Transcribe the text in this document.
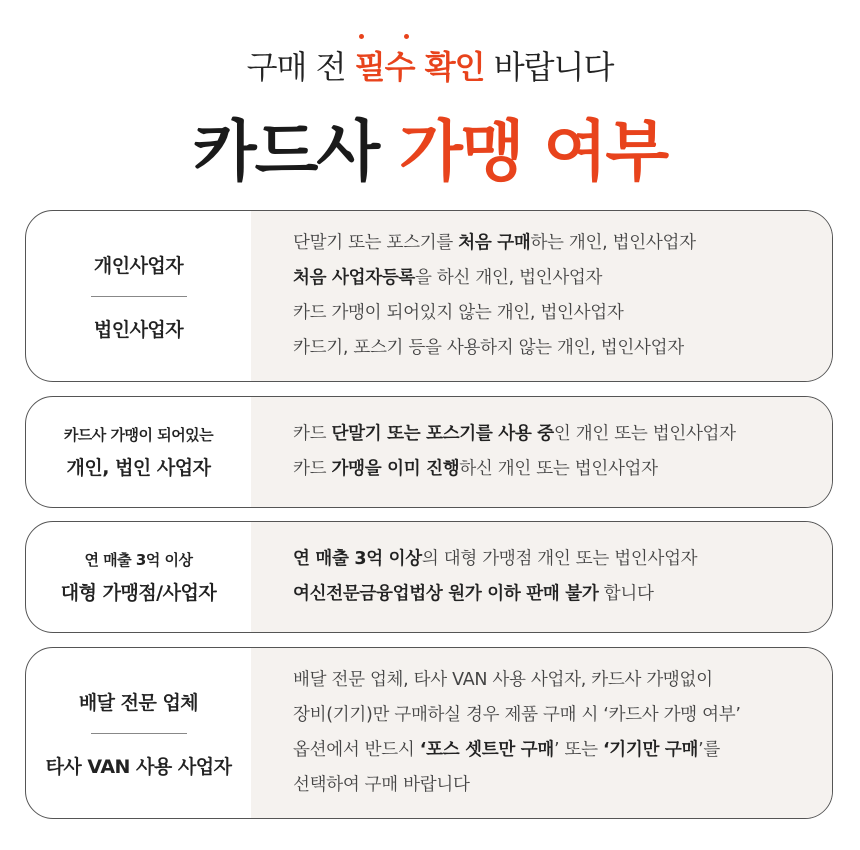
구매 전
필수 확인 바랍니다
카드사 가맹 여부
개인사업자
법인사업자
단말기 또는 포스기를 처음 구매하는 개인, 법인사업자
처음 사업자등록을 하신 개인, 법인사업자
카드 가맹이 되어있지 않는 개인, 법인사업자
카드기, 포스기 등을 사용하지 않는 개인, 법인사업자
카드사 가맹이 되어있는
개인, 법인 사업자
카드 단말기 또는 포스기를 사용 중인 개인 또는 법인사업자
카드 가맹을 이미 진행하신 개인 또는 법인사업자
연 매출 3억 이상
대형 가맹점/사업자
연 매출 3억 이상의 대형 가맹점 개인 또는 법인사업자
여신전문금융업법상 원가 이하 판매 불가 합니다
배달 전문 업체
타사 VAN 사용 사업자
배달 전문 업체, 타사 VAN 사용 사업자, 카드사 가맹없이
장비(기기)만 구매하실 경우 제품 구매 시 ‘카드사 가맹 여부’
옵션에서 반드시 ‘포스 셋트만 구매’ 또는 ‘기기만 구매’를
선택하여 구매 바랍니다
